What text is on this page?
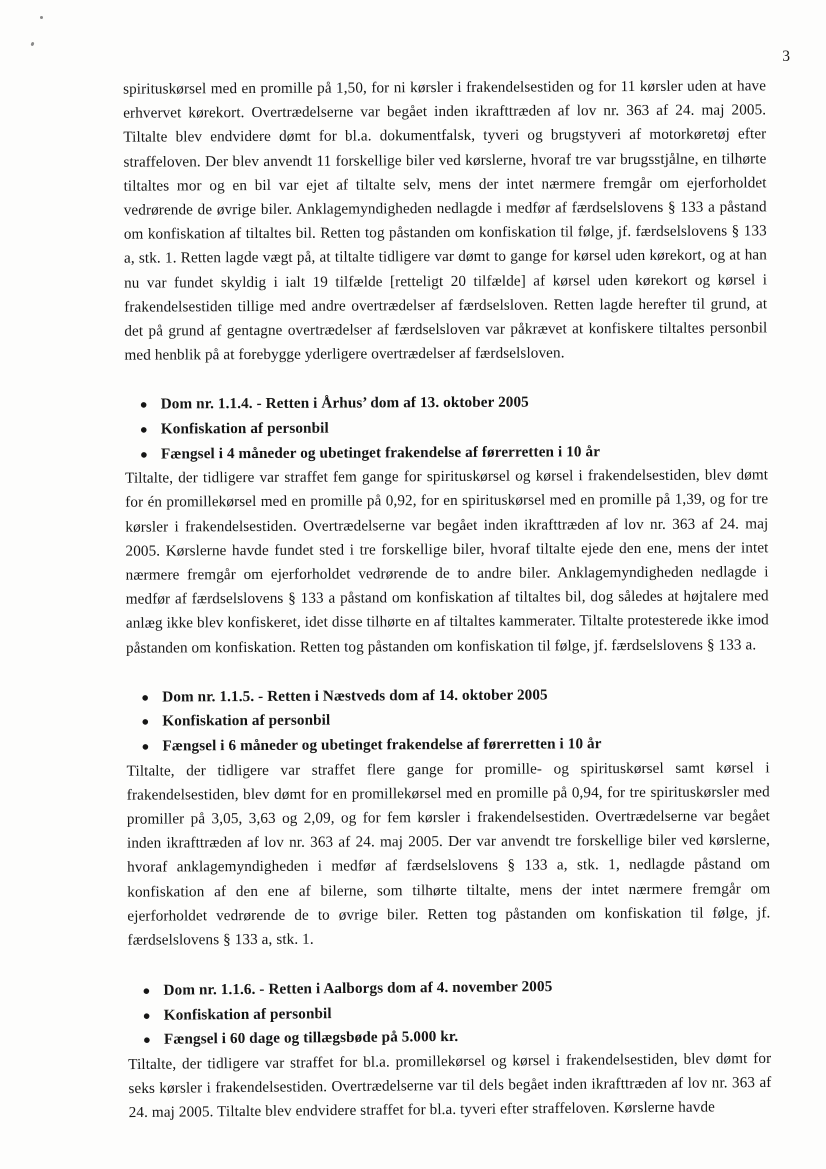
3

spirituskørsel med en promille på 1,50, for ni kørsler i frakendelsestiden og for 11 kørsler uden at have erhvervet kørekort. Overtrædelserne var begået inden ikrafttræden af lov nr. 363 af 24. maj 2005. Tiltalte blev endvidere dømt for bl.a. dokumentfalsk, tyveri og brugstyveri af motorkøretøj efter straffeloven. Der blev anvendt 11 forskellige biler ved kørslerne, hvoraf tre var brugsstjålne, en tilhørte tiltaltes mor og en bil var ejet af tiltalte selv, mens der intet nærmere fremgår om ejerforholdet vedrørende de øvrige biler. Anklagemyndigheden nedlagde i medfør af færdselslovens § 133 a påstand om konfiskation af tiltaltes bil. Retten tog påstanden om konfiskation til følge, jf. færdselslovens § 133 a, stk. 1. Retten lagde vægt på, at tiltalte tidligere var dømt to gange for kørsel uden kørekort, og at han nu var fundet skyldig i ialt 19 tilfælde [retteligt 20 tilfælde] af kørsel uden kørekort og kørsel i frakendelsestiden tillige med andre overtrædelser af færdselsloven. Retten lagde herefter til grund, at det på grund af gentagne overtrædelser af færdselsloven var påkrævet at konfiskere tiltaltes personbil med henblik på at forebygge yderligere overtrædelser af færdselsloven.

● Dom nr. 1.1.4. - Retten i Århus’ dom af 13. oktober 2005
● Konfiskation af personbil
● Fængsel i 4 måneder og ubetinget frakendelse af førerretten i 10 år

Tiltalte, der tidligere var straffet fem gange for spirituskørsel og kørsel i frakendelsestiden, blev dømt for én promillekørsel med en promille på 0,92, for en spirituskørsel med en promille på 1,39, og for tre kørsler i frakendelsestiden. Overtrædelserne var begået inden ikrafttræden af lov nr. 363 af 24. maj 2005. Kørslerne havde fundet sted i tre forskellige biler, hvoraf tiltalte ejede den ene, mens der intet nærmere fremgår om ejerforholdet vedrørende de to andre biler. Anklagemyndigheden nedlagde i medfør af færdselslovens § 133 a påstand om konfiskation af tiltaltes bil, dog således at højtalere med anlæg ikke blev konfiskeret, idet disse tilhørte en af tiltaltes kammerater. Tiltalte protesterede ikke imod påstanden om konfiskation. Retten tog påstanden om konfiskation til følge, jf. færdselslovens § 133 a.

● Dom nr. 1.1.5. - Retten i Næstveds dom af 14. oktober 2005
● Konfiskation af personbil
● Fængsel i 6 måneder og ubetinget frakendelse af førerretten i 10 år

Tiltalte, der tidligere var straffet flere gange for promille- og spirituskørsel samt kørsel i frakendelsestiden, blev dømt for en promillekørsel med en promille på 0,94, for tre spirituskørsler med promiller på 3,05, 3,63 og 2,09, og for fem kørsler i frakendelsestiden. Overtrædelserne var begået inden ikrafttræden af lov nr. 363 af 24. maj 2005. Der var anvendt tre forskellige biler ved kørslerne, hvoraf anklagemyndigheden i medfør af færdselslovens § 133 a, stk. 1, nedlagde påstand om konfiskation af den ene af bilerne, som tilhørte tiltalte, mens der intet nærmere fremgår om ejerforholdet vedrørende de to øvrige biler. Retten tog påstanden om konfiskation til følge, jf. færdselslovens § 133 a, stk. 1.

● Dom nr. 1.1.6. - Retten i Aalborgs dom af 4. november 2005
● Konfiskation af personbil
● Fængsel i 60 dage og tillægsbøde på 5.000 kr.

Tiltalte, der tidligere var straffet for bl.a. promillekørsel og kørsel i frakendelsestiden, blev dømt for seks kørsler i frakendelsestiden. Overtrædelserne var til dels begået inden ikrafttræden af lov nr. 363 af 24. maj 2005. Tiltalte blev endvidere straffet for bl.a. tyveri efter straffeloven. Kørslerne havde
